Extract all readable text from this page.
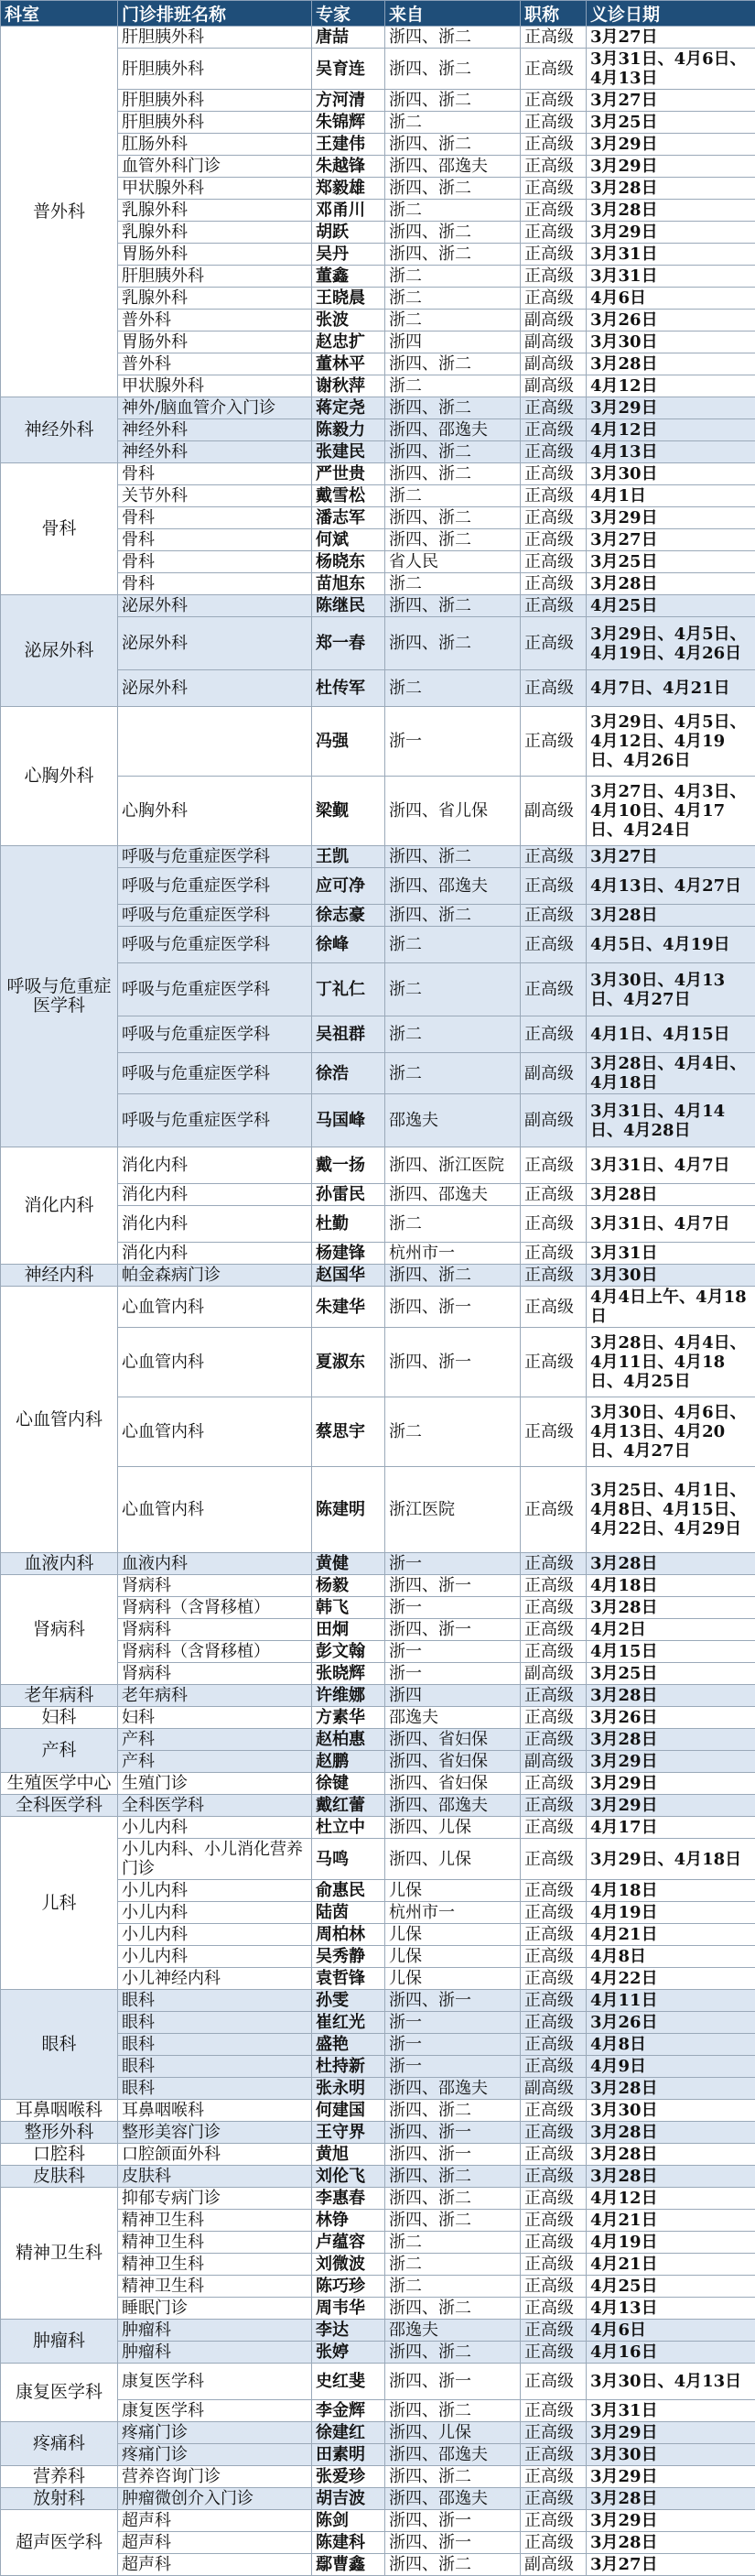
科室	门诊排班名称	专家	来自	职称	义诊日期
普外科	肝胆胰外科	唐喆	浙四、浙二	正高级	3月27日
	肝胆胰外科	吴育连	浙四、浙二	正高级	3月31日、4月6日、4月13日
	肝胆胰外科	方河清	浙四、浙二	正高级	3月27日
	肝胆胰外科	朱锦辉	浙二	正高级	3月25日
	肛肠外科	王建伟	浙四、浙二	正高级	3月29日
	血管外科门诊	朱越锋	浙四、邵逸夫	正高级	3月29日
	甲状腺外科	郑毅雄	浙四、浙二	正高级	3月28日
	乳腺外科	邓甬川	浙二	正高级	3月28日
	乳腺外科	胡跃	浙四、浙二	正高级	3月29日
	胃肠外科	吴丹	浙四、浙二	正高级	3月31日
	肝胆胰外科	董鑫	浙二	正高级	3月31日
	乳腺外科	王晓晨	浙二	正高级	4月6日
	普外科	张波	浙二	副高级	3月26日
	胃肠外科	赵忠扩	浙四	副高级	3月30日
	普外科	董林平	浙四、浙二	副高级	3月28日
	甲状腺外科	谢秋萍	浙二	副高级	4月12日
神经外科	神外/脑血管介入门诊	蒋定尧	浙四、浙二	正高级	3月29日
	神经外科	陈毅力	浙四、邵逸夫	正高级	4月12日
	神经外科	张建民	浙四、浙二	正高级	4月13日
骨科	骨科	严世贵	浙四、浙二	正高级	3月30日
	关节外科	戴雪松	浙二	正高级	4月1日
	骨科	潘志军	浙四、浙二	正高级	3月29日
	骨科	何斌	浙四、浙二	正高级	3月27日
	骨科	杨晓东	省人民	正高级	3月25日
	骨科	苗旭东	浙二	正高级	3月28日
泌尿外科	泌尿外科	陈继民	浙四、浙二	正高级	4月25日
	泌尿外科	郑一春	浙四、浙二	正高级	3月29日、4月5日、4月19日、4月26日
	泌尿外科	杜传军	浙二	正高级	4月7日、4月21日
心胸外科		冯强	浙一	正高级	3月29日、4月5日、4月12日、4月19日、4月26日
	心胸外科	梁觐	浙四、省儿保	副高级	3月27日、4月3日、4月10日、4月17日、4月24日
呼吸与危重症医学科	呼吸与危重症医学科	王凯	浙四、浙二	正高级	3月27日
	呼吸与危重症医学科	应可净	浙四、邵逸夫	正高级	4月13日、4月27日
	呼吸与危重症医学科	徐志豪	浙四、浙二	正高级	3月28日
	呼吸与危重症医学科	徐峰	浙二	正高级	4月5日、4月19日
	呼吸与危重症医学科	丁礼仁	浙二	正高级	3月30日、4月13日、4月27日
	呼吸与危重症医学科	吴祖群	浙二	正高级	4月1日、4月15日
	呼吸与危重症医学科	徐浩	浙二	副高级	3月28日、4月4日、4月18日
	呼吸与危重症医学科	马国峰	邵逸夫	副高级	3月31日、4月14日、4月28日
消化内科	消化内科	戴一扬	浙四、浙江医院	正高级	3月31日、4月7日
	消化内科	孙雷民	浙四、邵逸夫	正高级	3月28日
	消化内科	杜勤	浙二	正高级	3月31日、4月7日
	消化内科	杨建锋	杭州市一	正高级	3月31日
神经内科	帕金森病门诊	赵国华	浙四、浙二	正高级	3月30日
心血管内科	心血管内科	朱建华	浙四、浙一	正高级	4月4日上午、4月18日
	心血管内科	夏淑东	浙四、浙一	正高级	3月28日、4月4日、4月11日、4月18日、4月25日
	心血管内科	蔡思宇	浙二	正高级	3月30日、4月6日、4月13日、4月20日、4月27日
	心血管内科	陈建明	浙江医院	正高级	3月25日、4月1日、4月8日、4月15日、4月22日、4月29日
血液内科	血液内科	黄健	浙一	正高级	3月28日
肾病科	肾病科	杨毅	浙四、浙一	正高级	4月18日
	肾病科（含肾移植）	韩飞	浙一	正高级	3月28日
	肾病科	田炯	浙四、浙一	正高级	4月2日
	肾病科（含肾移植）	彭文翰	浙一	正高级	4月15日
	肾病科	张晓辉	浙一	副高级	3月25日
老年病科	老年病科	许维娜	浙四	正高级	3月28日
妇科	妇科	方素华	邵逸夫	正高级	3月26日
产科	产科	赵柏惠	浙四、省妇保	正高级	3月28日
	产科	赵鹏	浙四、省妇保	副高级	3月29日
生殖医学中心	生殖门诊	徐键	浙四、省妇保	正高级	3月29日
全科医学科	全科医学科	戴红蕾	浙四、邵逸夫	正高级	3月29日
儿科	小儿内科	杜立中	浙四、儿保	正高级	4月17日
	小儿内科、小儿消化营养门诊	马鸣	浙四、儿保	正高级	3月29日、4月18日
	小儿内科	俞惠民	儿保	正高级	4月18日
	小儿内科	陆茵	杭州市一	正高级	4月19日
	小儿内科	周柏林	儿保	正高级	4月21日
	小儿内科	吴秀静	儿保	正高级	4月8日
	小儿神经内科	袁哲锋	儿保	正高级	4月22日
眼科	眼科	孙雯	浙四、浙一	正高级	4月11日
	眼科	崔红光	浙一	正高级	3月26日
	眼科	盛艳	浙一	正高级	4月8日
	眼科	杜持新	浙一	正高级	4月9日
	眼科	张永明	浙四、邵逸夫	副高级	3月28日
耳鼻咽喉科	耳鼻咽喉科	何建国	浙四、浙二	正高级	3月30日
整形外科	整形美容门诊	王守界	浙四、浙一	正高级	3月28日
口腔科	口腔颌面外科	黄旭	浙四、浙一	正高级	3月28日
皮肤科	皮肤科	刘伦飞	浙四、浙二	正高级	3月28日
精神卫生科	抑郁专病门诊	李惠春	浙四、浙二	正高级	4月12日
	精神卫生科	林铮	浙四、浙二	正高级	4月21日
	精神卫生科	卢蕴容	浙二	正高级	4月19日
	精神卫生科	刘微波	浙二	正高级	4月21日
	精神卫生科	陈巧珍	浙二	正高级	4月25日
	睡眠门诊	周韦华	浙四、浙二	正高级	4月13日
肿瘤科	肿瘤科	李达	邵逸夫	正高级	4月6日
	肿瘤科	张婷	浙四、浙二	正高级	4月16日
康复医学科	康复医学科	史红斐	浙四、浙一	正高级	3月30日、4月13日
	康复医学科	李金辉	浙四、浙二	正高级	3月31日
疼痛科	疼痛门诊	徐建红	浙四、儿保	正高级	3月29日
	疼痛门诊	田素明	浙四、邵逸夫	正高级	3月30日
营养科	营养咨询门诊	张爱珍	浙四、浙二	正高级	3月29日
放射科	肿瘤微创介入门诊	胡吉波	浙四、邵逸夫	正高级	3月28日
超声医学科	超声科	陈剑	浙四、浙一	正高级	3月29日
	超声科	陈建科	浙四、浙一	正高级	3月28日
	超声科	鄢曹鑫	浙四、浙二	副高级	3月27日
